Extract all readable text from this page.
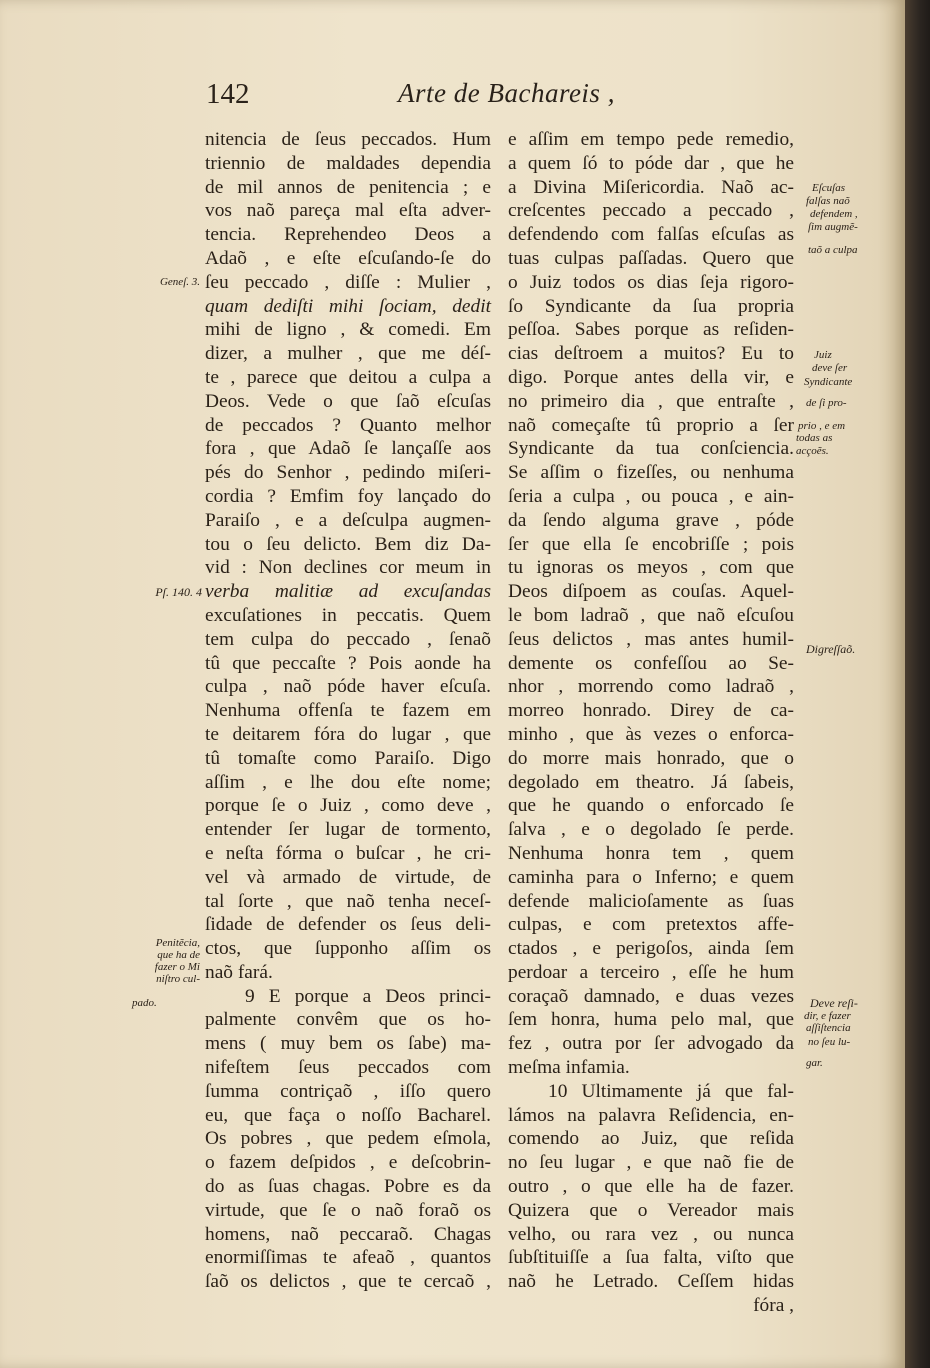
142	Arte de Bachareis ,
nitencia de ſeus peccados. Hum
triennio de maldades dependia
de mil annos de penitencia ; e
vos naõ pareça mal eſta adver-
tencia. Reprehendeo Deos a
Adaõ , e eſte eſcuſando-ſe do
ſeu peccado , diſſe : Mulier ,
quam dediſti mihi ſociam, dedit
mihi de ligno , & comedi. Em
dizer, a mulher , que me déſ-
te , parece que deitou a culpa a
Deos. Vede o que ſaõ eſcuſas
de peccados ? Quanto melhor
fora , que Adaõ ſe lançaſſe aos
pés do Senhor , pedindo miſeri-
cordia ? Emfim foy lançado do
Paraiſo , e a deſculpa augmen-
tou o ſeu delicto. Bem diz Da-
vid : Non declines cor meum in
verba malitiæ ad excuſandas
excuſationes in peccatis. Quem
tem culpa do peccado , ſenaõ
tû que peccaſte ? Pois aonde ha
culpa , naõ póde haver eſcuſa.
Nenhuma offenſa te fazem em
te deitarem fóra do lugar , que
tû tomaſte como Paraiſo. Digo
aſſim , e lhe dou eſte nome;
porque ſe o Juiz , como deve ,
entender ſer lugar de tormento,
e neſta fórma o buſcar , he cri-
vel và armado de virtude, de
tal ſorte , que naõ tenha neceſ-
ſidade de defender os ſeus deli-
ctos, que ſupponho aſſim os
naõ fará.
9 E porque a Deos princi-
palmente convêm que os ho-
mens ( muy bem os ſabe) ma-
nifeſtem ſeus peccados com
ſumma contriçaõ , iſſo quero
eu, que faça o noſſo Bacharel.
Os pobres , que pedem eſmola,
o fazem deſpidos , e deſcobrin-
do as ſuas chagas. Pobre es da
virtude, que ſe o naõ foraõ os
homens, naõ peccaraõ. Chagas
enormiſſimas te afeaõ , quantos
ſaõ os delictos , que te cercaõ ,
e aſſim em tempo pede remedio,
a quem ſó to póde dar , que he
a Divina Miſericordia. Naõ ac-
creſcentes peccado a peccado ,
defendendo com falſas eſcuſas as
tuas culpas paſſadas. Quero que
o Juiz todos os dias ſeja rigoro-
ſo Syndicante da ſua propria
peſſoa. Sabes porque as reſiden-
cias deſtroem a muitos? Eu to
digo. Porque antes della vir, e
no primeiro dia , que entraſte ,
naõ começaſte tû proprio a ſer
Syndicante da tua conſciencia.
Se aſſim o fizeſſes, ou nenhuma
ſeria a culpa , ou pouca , e ain-
da ſendo alguma grave , póde
ſer que ella ſe encobriſſe ; pois
tu ignoras os meyos , com que
Deos diſpoem as couſas. Aquel-
le bom ladraõ , que naõ eſcuſou
ſeus delictos , mas antes humil-
demente os confeſſou ao Se-
nhor , morrendo como ladraõ ,
morreo honrado. Direy de ca-
minho , que às vezes o enforca-
do morre mais honrado, que o
degolado em theatro. Já ſabeis,
que he quando o enforcado ſe
ſalva , e o degolado ſe perde.
Nenhuma honra tem , quem
caminha para o Inferno; e quem
defende malicioſamente as ſuas
culpas, e com pretextos affe-
ctados , e perigoſos, ainda ſem
perdoar a terceiro , eſſe he hum
coraçaõ damnado, e duas vezes
ſem honra, huma pelo mal, que
fez , outra por ſer advogado da
meſma infamia.
10 Ultimamente já que fal-
lámos na palavra Reſidencia, en-
comendo ao Juiz, que reſida
no ſeu lugar , e que naõ fie de
outro , o que elle ha de fazer.
Quizera que o Vereador mais
velho, ou rara vez , ou nunca
ſubſtituiſſe a ſua falta, viſto que
naõ he Letrado. Ceſſem hidas
fóra ,
Geneſ. 3.
Pſ. 140. 4
Penitẽcia,
que ha de
fazer o Mi
niſtro cul-
pado.
Eſcuſas
falſas naõ
defendem ,
ſim augmẽ-
taõ a culpa
Juiz
deve ſer
Syndicante
de ſi pro-
prio , e em
todas as
acçoẽs.
Digreſſaõ.
Deve reſi-
dir, e fazer
aſſiſtencia
no ſeu lu-
gar.
